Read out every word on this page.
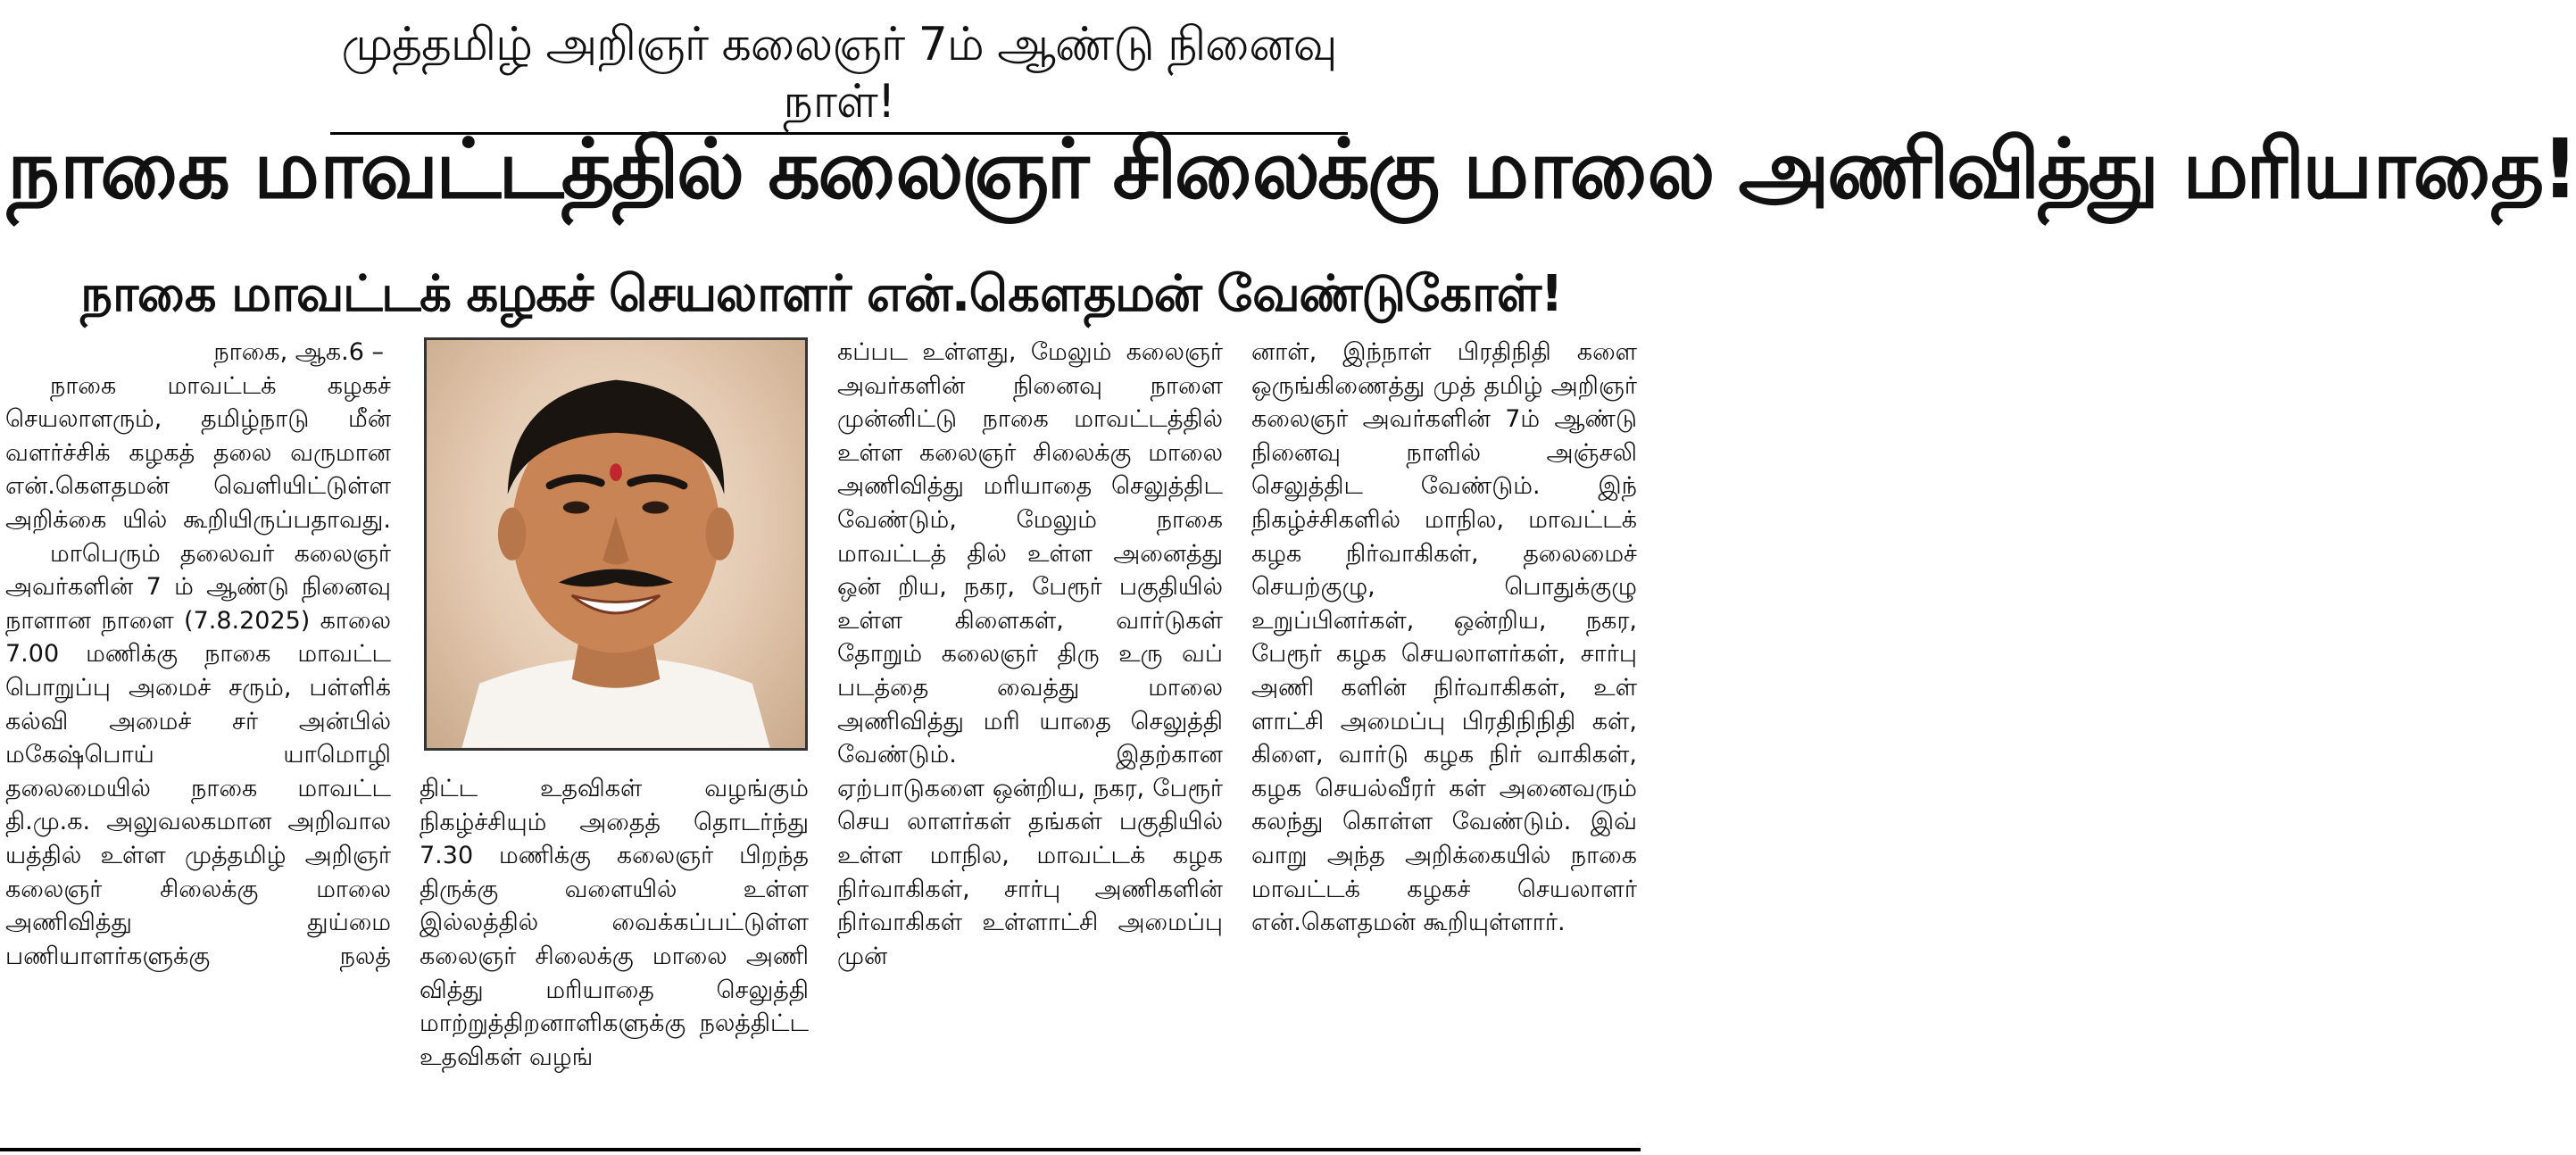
முத்தமிழ் அறிஞர் கலைஞர் 7ம் ஆண்டு நினைவு நாள்!
நாகை மாவட்டத்தில் கலைஞர் சிலைக்கு மாலை அணிவித்து மரியாதை!
நாகை மாவட்டக் கழகச் செயலாளர் என்.கௌதமன் வேண்டுகோள்!

நாகை, ஆக.6 –

நாகை மாவட்டக் கழகச் செயலாளரும், தமிழ்நாடு மீன் வளர்ச்சிக் கழகத் தலை வருமான என்.கௌதமன் வெளியிட்டுள்ள அறிக்கை யில் கூறியிருப்பதாவது.

மாபெரும் தலைவர் கலைஞர் அவர்களின் 7 ம் ஆண்டு நினைவு நாளான நாளை (7.8.2025) காலை 7.00 மணிக்கு நாகை மாவட்ட பொறுப்பு அமைச் சரும், பள்ளிக் கல்வி அமைச் சர் அன்பில் மகேஷ்பொய் யாமொழி தலைமையில் நாகை மாவட்ட தி.மு.க. அலுவலகமான அறிவால யத்தில் உள்ள முத்தமிழ் அறிஞர் கலைஞர் சிலைக்கு மாலை அணிவித்து துய்மை பணியாளர்களுக்கு நலத்

திட்ட உதவிகள் வழங்கும் நிகழ்ச்சியும் அதைத் தொடர்ந்து 7.30 மணிக்கு கலைஞர் பிறந்த திருக்கு வளையில் உள்ள இல்லத்தில் வைக்கப்பட்டுள்ள கலைஞர் சிலைக்கு மாலை அணி வித்து மரியாதை செலுத்தி மாற்றுத்திறனாளிகளுக்கு நலத்திட்ட உதவிகள் வழங்

கப்பட உள்ளது, மேலும் கலைஞர் அவர்களின் நினைவு நாளை முன்னிட்டு நாகை மாவட்டத்தில் உள்ள கலைஞர் சிலைக்கு மாலை அணிவித்து மரியாதை செலுத்திட வேண்டும், மேலும் நாகை மாவட்டத் தில் உள்ள அனைத்து ஒன் றிய, நகர, பேரூர் பகுதியில் உள்ள கிளைகள், வார்டுகள் தோறும் கலைஞர் திரு உரு வப் படத்தை வைத்து மாலை அணிவித்து மரி யாதை செலுத்தி வேண்டும். இதற்கான ஏற்பாடுகளை ஒன்றிய, நகர, பேரூர் செய லாளர்கள் தங்கள் பகுதியில் உள்ள மாநில, மாவட்டக் கழக நிர்வாகிகள், சார்பு அணிகளின் நிர்வாகிகள் உள்ளாட்சி அமைப்பு முன்

னாள், இந்நாள் பிரதிநிதி களை ஒருங்கிணைத்து முத் தமிழ் அறிஞர் கலைஞர் அவர்களின் 7ம் ஆண்டு நினைவு நாளில் அஞ்சலி செலுத்திட வேண்டும். இந் நிகழ்ச்சிகளில் மாநில, மாவட்டக் கழக நிர்வாகிகள், தலைமைச் செயற்குழு, பொதுக்குழு உறுப்பினர்கள், ஒன்றிய, நகர, பேரூர் கழக செயலாளர்கள், சார்பு அணி களின் நிர்வாகிகள், உள் ளாட்சி அமைப்பு பிரதிநிநிதி கள், கிளை, வார்டு கழக நிர் வாகிகள், கழக செயல்வீரர் கள் அனைவரும் கலந்து கொள்ள வேண்டும். இவ் வாறு அந்த அறிக்கையில் நாகை மாவட்டக் கழகச் செயலாளர் என்.கௌதமன் கூறியுள்ளார்.
